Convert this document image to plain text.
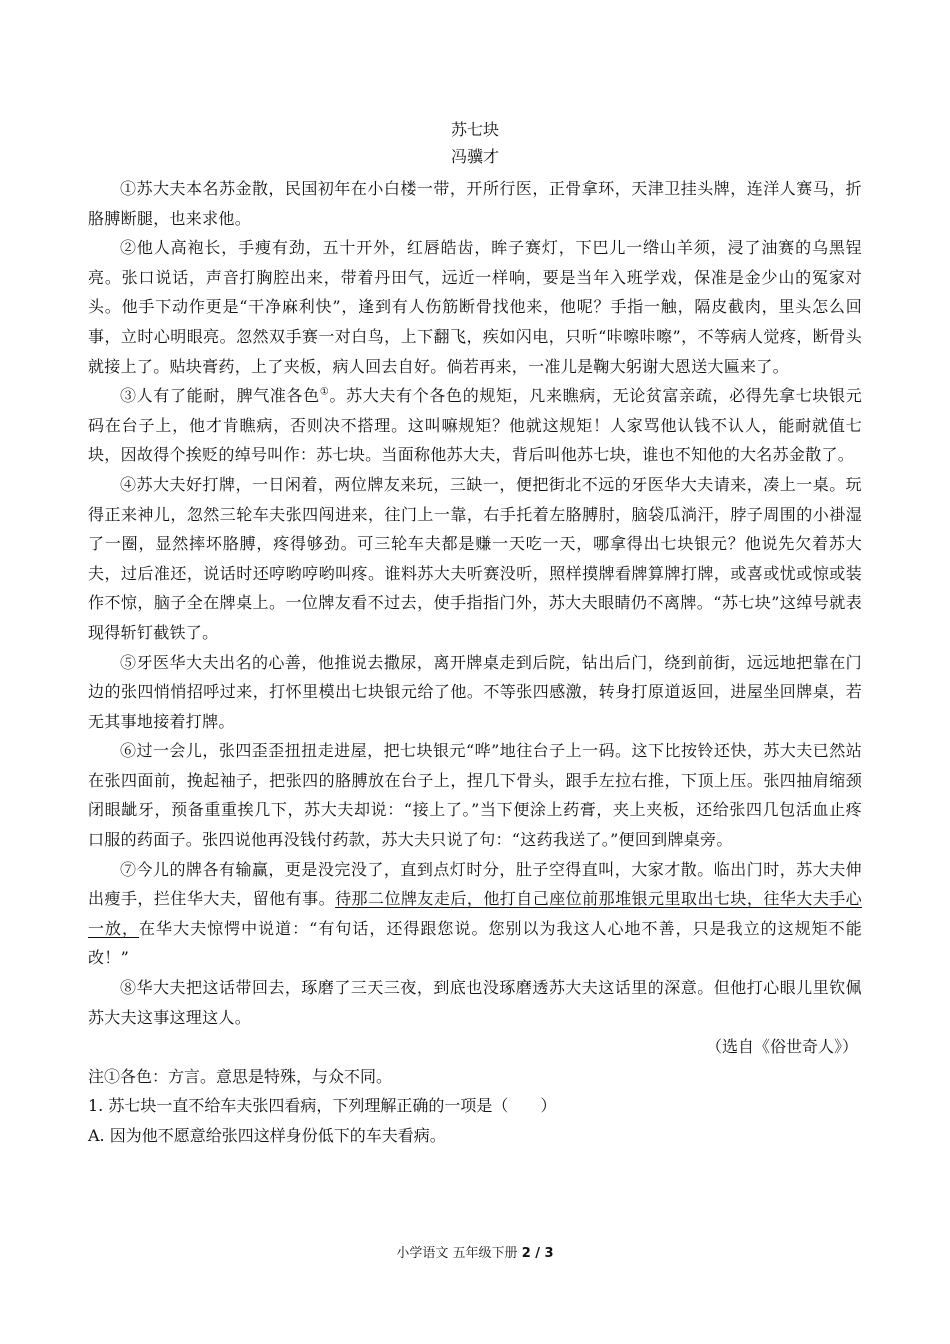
苏七块

冯骥才

①苏大夫本名苏金散，民国初年在小白楼一带，开所行医，正骨拿环，天津卫挂头牌，连洋人赛马，折胳膊断腿，也来求他。

②他人高袍长，手瘦有劲，五十开外，红唇皓齿，眸子赛灯，下巴儿一绺山羊须，浸了油赛的乌黑锃亮。张口说话，声音打胸腔出来，带着丹田气，远近一样响，要是当年入班学戏，保准是金少山的冤家对头。他手下动作更是“干净麻利快”，逢到有人伤筋断骨找他来，他呢？手指一触，隔皮截肉，里头怎么回事，立时心明眼亮。忽然双手赛一对白鸟，上下翻飞，疾如闪电，只听“咔嚓咔嚓”，不等病人觉疼，断骨头就接上了。贴块膏药，上了夹板，病人回去自好。倘若再来，一准儿是鞠大躬谢大恩送大匾来了。

③人有了能耐，脾气准各色①。苏大夫有个各色的规矩，凡来瞧病，无论贫富亲疏，必得先拿七块银元码在台子上，他才肯瞧病，否则决不搭理。这叫嘛规矩？他就这规矩！人家骂他认钱不认人，能耐就值七块，因故得个挨贬的绰号叫作：苏七块。当面称他苏大夫，背后叫他苏七块，谁也不知他的大名苏金散了。

④苏大夫好打牌，一日闲着，两位牌友来玩，三缺一，便把街北不远的牙医华大夫请来，凑上一桌。玩得正来神儿，忽然三轮车夫张四闯进来，往门上一靠，右手托着左胳膊肘，脑袋瓜淌汗，脖子周围的小褂湿了一圈，显然摔坏胳膊，疼得够劲。可三轮车夫都是赚一天吃一天，哪拿得出七块银元？他说先欠着苏大夫，过后准还，说话时还哼哟哼哟叫疼。谁料苏大夫听赛没听，照样摸牌看牌算牌打牌，或喜或忧或惊或装作不惊，脑子全在牌桌上。一位牌友看不过去，使手指指门外，苏大夫眼睛仍不离牌。“苏七块”这绰号就表现得斩钉截铁了。

⑤牙医华大夫出名的心善，他推说去撒尿，离开牌桌走到后院，钻出后门，绕到前街，远远地把靠在门边的张四悄悄招呼过来，打怀里模出七块银元给了他。不等张四感激，转身打原道返回，进屋坐回牌桌，若无其事地接着打牌。

⑥过一会儿，张四歪歪扭扭走进屋，把七块银元“哗”地往台子上一码。这下比按铃还快，苏大夫已然站在张四面前，挽起袖子，把张四的胳膊放在台子上，捏几下骨头，跟手左拉右推，下顶上压。张四抽肩缩颈闭眼龇牙，预备重重挨几下，苏大夫却说：“接上了。”当下便涂上药膏，夹上夹板，还给张四几包活血止疼口服的药面子。张四说他再没钱付药款，苏大夫只说了句：“这药我送了。”便回到牌桌旁。

⑦今儿的牌各有输赢，更是没完没了，直到点灯时分，肚子空得直叫，大家才散。临出门时，苏大夫伸出瘦手，拦住华大夫，留他有事。待那二位牌友走后，他打自己座位前那堆银元里取出七块，往华大夫手心一放，在华大夫惊愕中说道：“有句话，还得跟您说。您别以为我这人心地不善，只是我立的这规矩不能改！”

⑧华大夫把这话带回去，琢磨了三天三夜，到底也没琢磨透苏大夫这话里的深意。但他打心眼儿里钦佩苏大夫这事这理这人。

（选自《俗世奇人》）

注①各色：方言。意思是特殊，与众不同。

1. 苏七块一直不给车夫张四看病，下列理解正确的一项是（　　）

A. 因为他不愿意给张四这样身份低下的车夫看病。

小学语文 五年级下册 2 / 3
